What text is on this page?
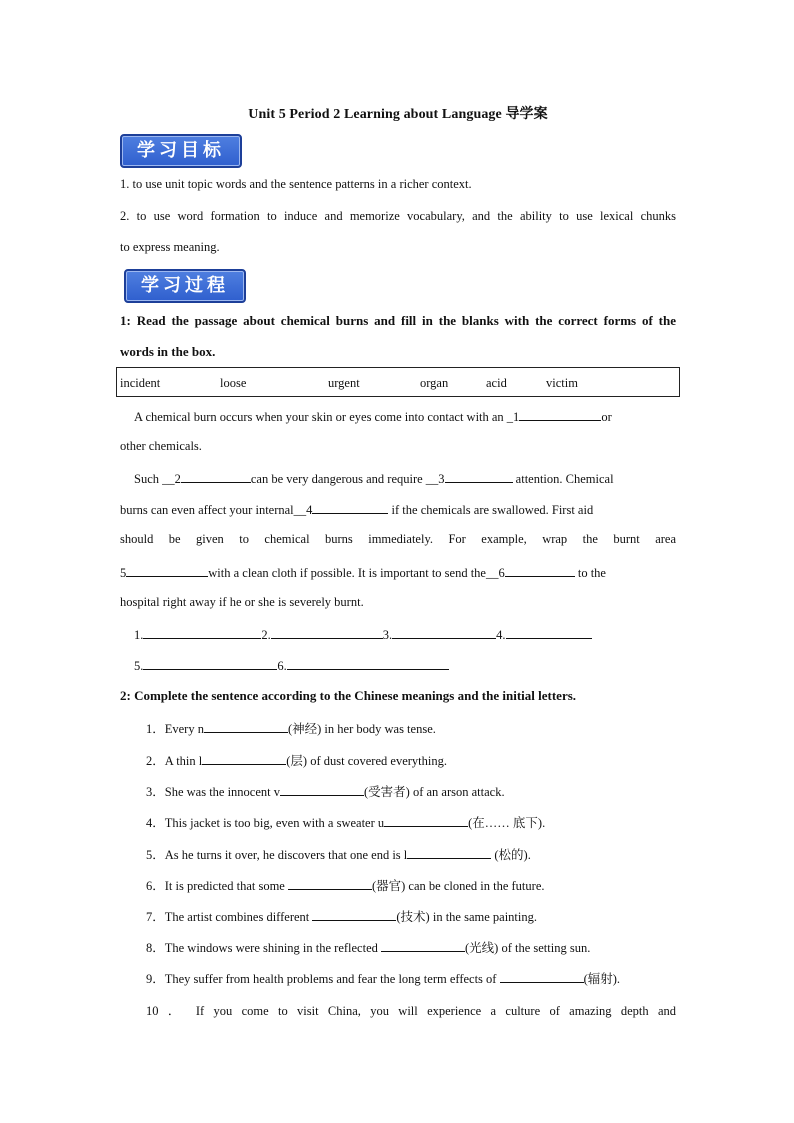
Unit 5 Period 2 Learning about Language 导学案
学习目标
1. to use unit topic words and the sentence patterns in a richer context.
2. to use word formation to induce and memorize vocabulary, and the ability to use lexical chunks
to express meaning.
学习过程
1: Read the passage about chemical burns and fill in the blanks with the correct forms of the
words in the box.
incident	loose	urgent	organ	acid	victim
A chemical burn occurs when your skin or eyes come into contact with an _1	or
other chemicals.
Such __2	can be very dangerous and require __3	attention. Chemical
burns can even affect your internal__4	if the chemicals are swallowed. First aid
should be given to chemical burns immediately. For example, wrap the burnt area
5	with a clean cloth if possible. It is important to send the__6	to the
hospital right away if he or she is severely burnt.
1.	2.	3.	4.
5.	6.
2: Complete the sentence according to the Chinese meanings and the initial letters.
1．Every n	(神经) in her body was tense.
2．A thin l	(层) of dust covered everything.
3．She was the innocent v	(受害者) of an arson attack.
4．This jacket is too big, even with a sweater u	(在…… 底下).
5．As he turns it over, he discovers that one end is l	(松的).
6．It is predicted that some	(器官) can be cloned in the future.
7．The artist combines different	(技术) in the same painting.
8．The windows were shining in the reflected	(光线) of the setting sun.
9．They suffer from health problems and fear the long term effects of	(辐射).
10 ． If you come to visit China, you will experience a culture of amazing depth and
